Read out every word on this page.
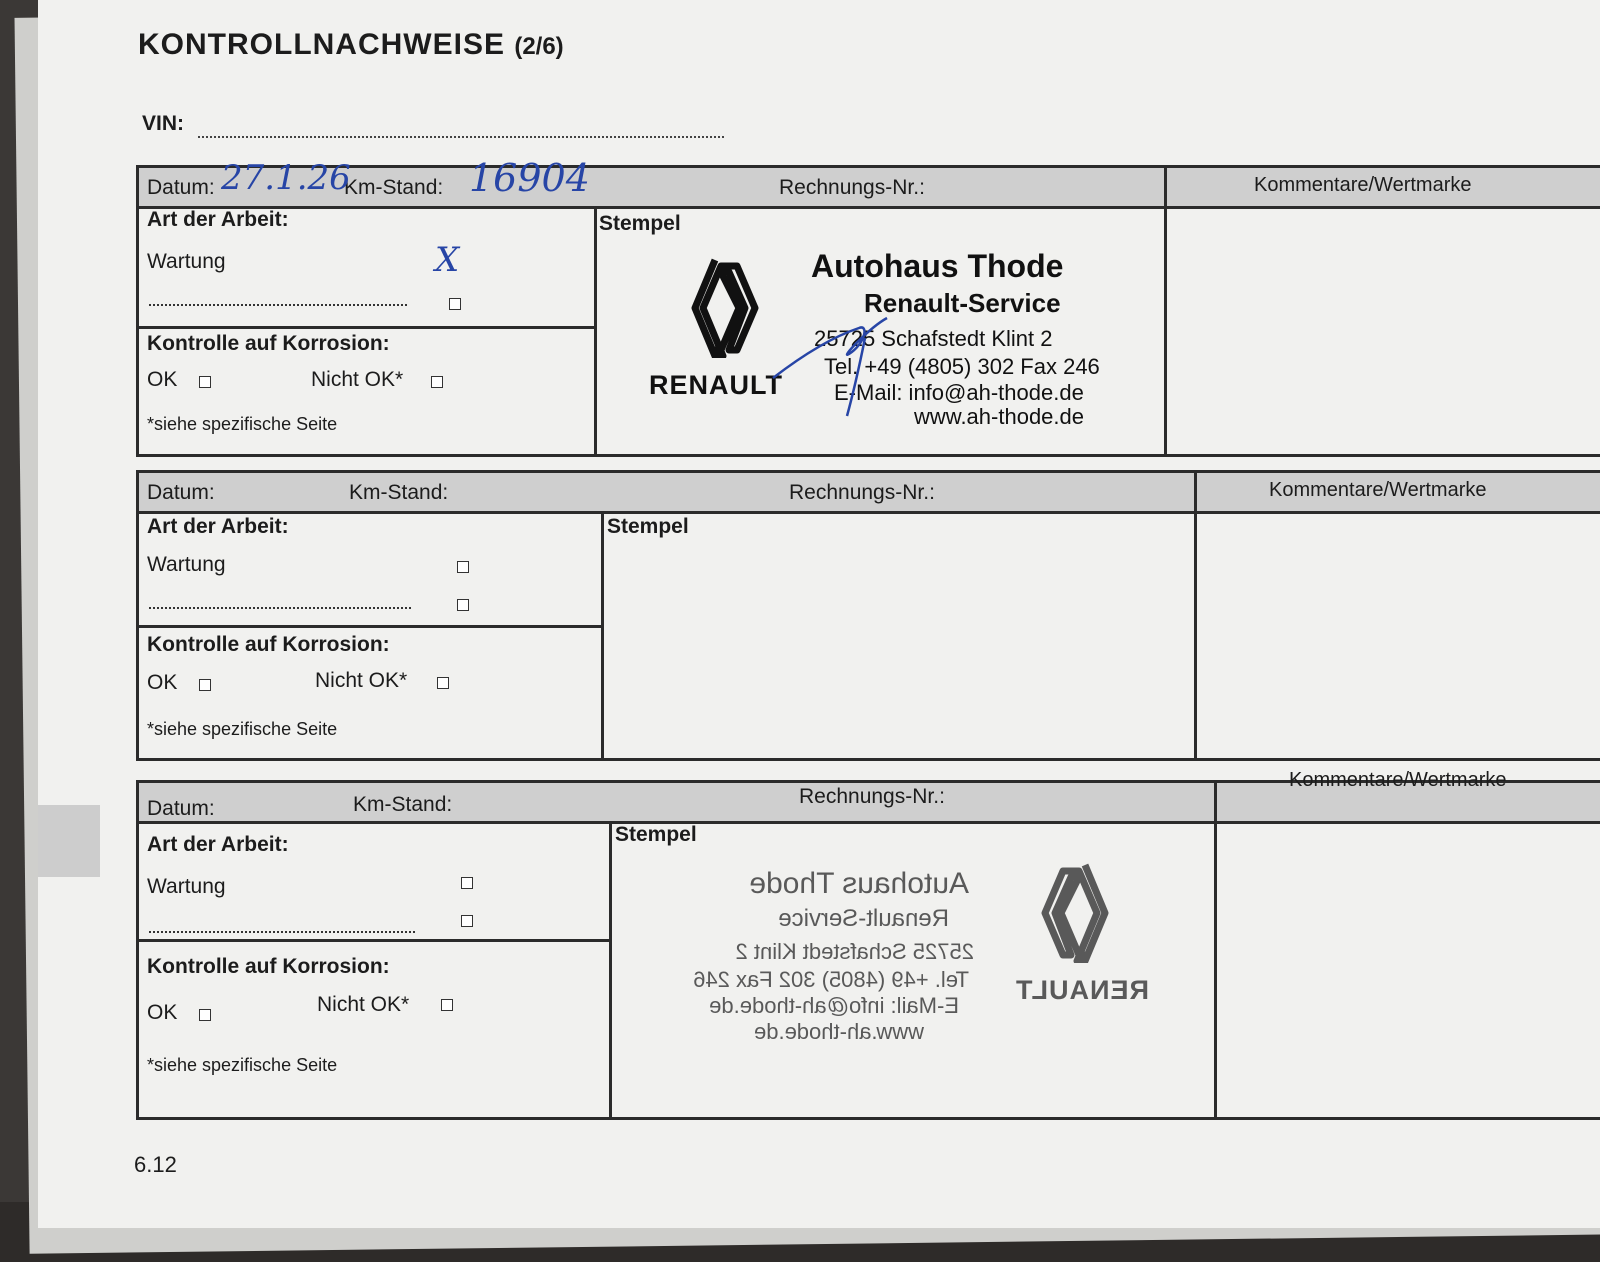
KONTROLLNACHWEISE (2/6)
VIN:
Datum:	Km-Stand:	Rechnungs-Nr.:	Kommentare/Wertmarke
27.1.26	16904
Art der Arbeit:
Wartung	X
Kontrolle auf Korrosion:
OK	Nicht OK*
*siehe spezifische Seite
Stempel
RENAULT
Autohaus Thode
Renault-Service
25725 Schafstedt Klint 2
Tel. +49 (4805) 302 Fax 246
E-Mail: info@ah-thode.de
www.ah-thode.de
Datum:	Km-Stand:	Rechnungs-Nr.:	Kommentare/Wertmarke
Art der Arbeit:
Wartung
Kontrolle auf Korrosion:
OK	Nicht OK*
*siehe spezifische Seite
Stempel
Datum:	Km-Stand:	Rechnungs-Nr.:
Kommentare/Wertmarke
Art der Arbeit:
Wartung
Kontrolle auf Korrosion:
OK	Nicht OK*
*siehe spezifische Seite
Stempel
RENAULT
Autohaus Thode
Renault-Service
25725 Schafstedt Klint 2
Tel. +49 (4805) 302 Fax 246
E-Mail: info@ah-thode.de
www.ah-thode.de
6.12
